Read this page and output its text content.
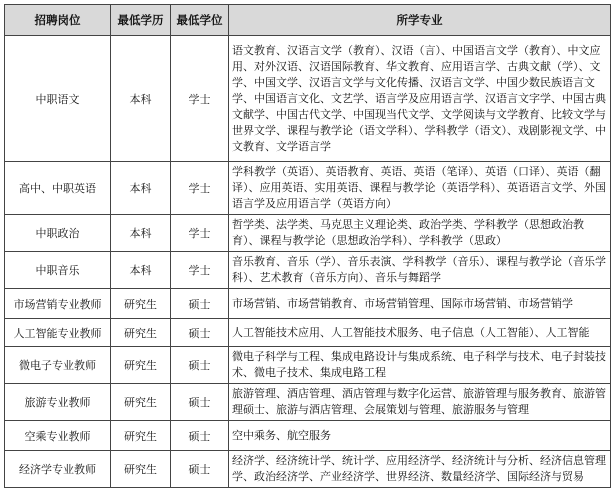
招聘岗位	最低学历	最低学位	所学专业
中职语文	本科	学士	语文教育、汉语言文学（教育）、汉语（言）、中国语言文学（教育）、中文应用、对外汉语、汉语国际教育、华文教育、应用语言学、古典文献（学）、文学、中国文学、汉语言文学与文化传播、汉语言文学、中国少数民族语言文学、中国语言文化、文艺学、语言学及应用语言学、汉语言文字学、中国古典文献学、中国古代文学、中国现当代文学、文学阅读与文学教育、比较文学与世界文学、课程与教学论（语文学科）、学科教学（语文）、戏剧影视文学、中文教育、文学语言学
高中、中职英语	本科	学士	学科教学（英语）、英语教育、英语、英语（笔译）、英语（口译）、英语（翻译）、应用英语、实用英语、课程与教学论（英语学科）、英语语言文学、外国语言学及应用语言学（英语方向）
中职政治	本科	学士	哲学类、法学类、马克思主义理论类、政治学类、学科教学（思想政治教育）、课程与教学论（思想政治学科）、学科教学（思政）
中职音乐	本科	学士	音乐教育、音乐（学）、音乐表演、学科教学（音乐）、课程与教学论（音乐学科）、艺术教育（音乐方向）、音乐与舞蹈学
市场营销专业教师	研究生	硕士	市场营销、市场营销教育、市场营销管理、国际市场营销、市场营销学
人工智能专业教师	研究生	硕士	人工智能技术应用、人工智能技术服务、电子信息（人工智能）、人工智能
微电子专业教师	研究生	硕士	微电子科学与工程、集成电路设计与集成系统、电子科学与技术、电子封装技术、微电子技术、集成电路工程
旅游专业教师	研究生	硕士	旅游管理、酒店管理、酒店管理与数字化运营、旅游管理与服务教育、旅游管理硕士、旅游与酒店管理、会展策划与管理、旅游服务与管理
空乘专业教师	研究生	硕士	空中乘务、航空服务
经济学专业教师	研究生	硕士	经济学、经济统计学、统计学、应用经济学、经济统计与分析、经济信息管理学、政治经济学、产业经济学、世界经济、数量经济学、国际经济与贸易
